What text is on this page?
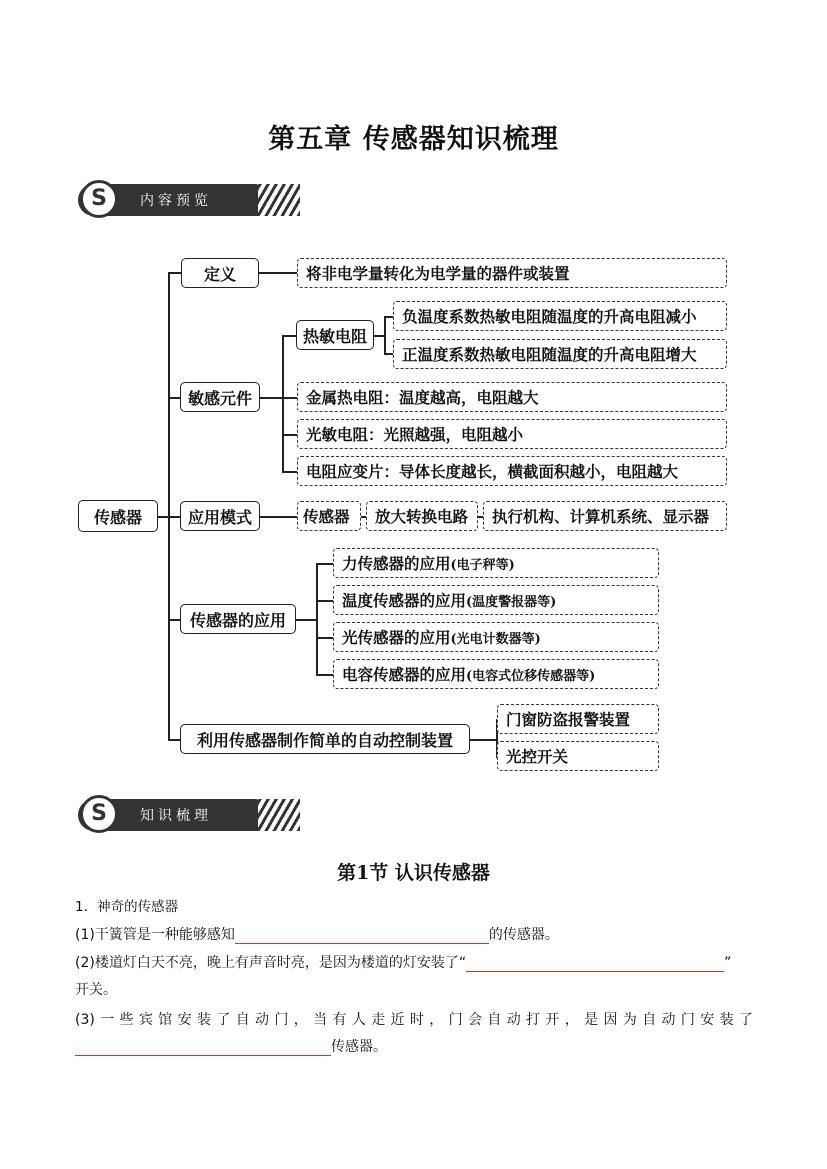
第五章 传感器知识梳理
S	内容预览
传感器
定义	将非电学量转化为电学量的器件或装置
敏感元件
热敏电阻
负温度系数热敏电阻随温度的升高电阻减小
正温度系数热敏电阻随温度的升高电阻增大
金属热电阻：温度越高，电阻越大
光敏电阻：光照越强，电阻越小
电阻应变片：导体长度越长，横截面积越小，电阻越大
应用模式	传感器	放大转换电路	执行机构、计算机系统、显示器
传感器的应用
力传感器的应用 (电子秤等)
温度传感器的应用 (温度警报器等)
光传感器的应用 (光电计数器等)
电容传感器的应用 (电容式位移传感器等)
利用传感器制作简单的自动控制装置
门窗防盗报警装置
光控开关
S	知识梳理
第1节 认识传感器
1．神奇的传感器
(1)干簧管是一种能够感知	的传感器。
(2)楼道灯白天不亮，晚上有声音时亮，是因为楼道的灯安装了“	”
开关。
(3)一些宾馆安装了自动门，当有人走近时，门会自动打开，是因为自动门安装了
传感器。
